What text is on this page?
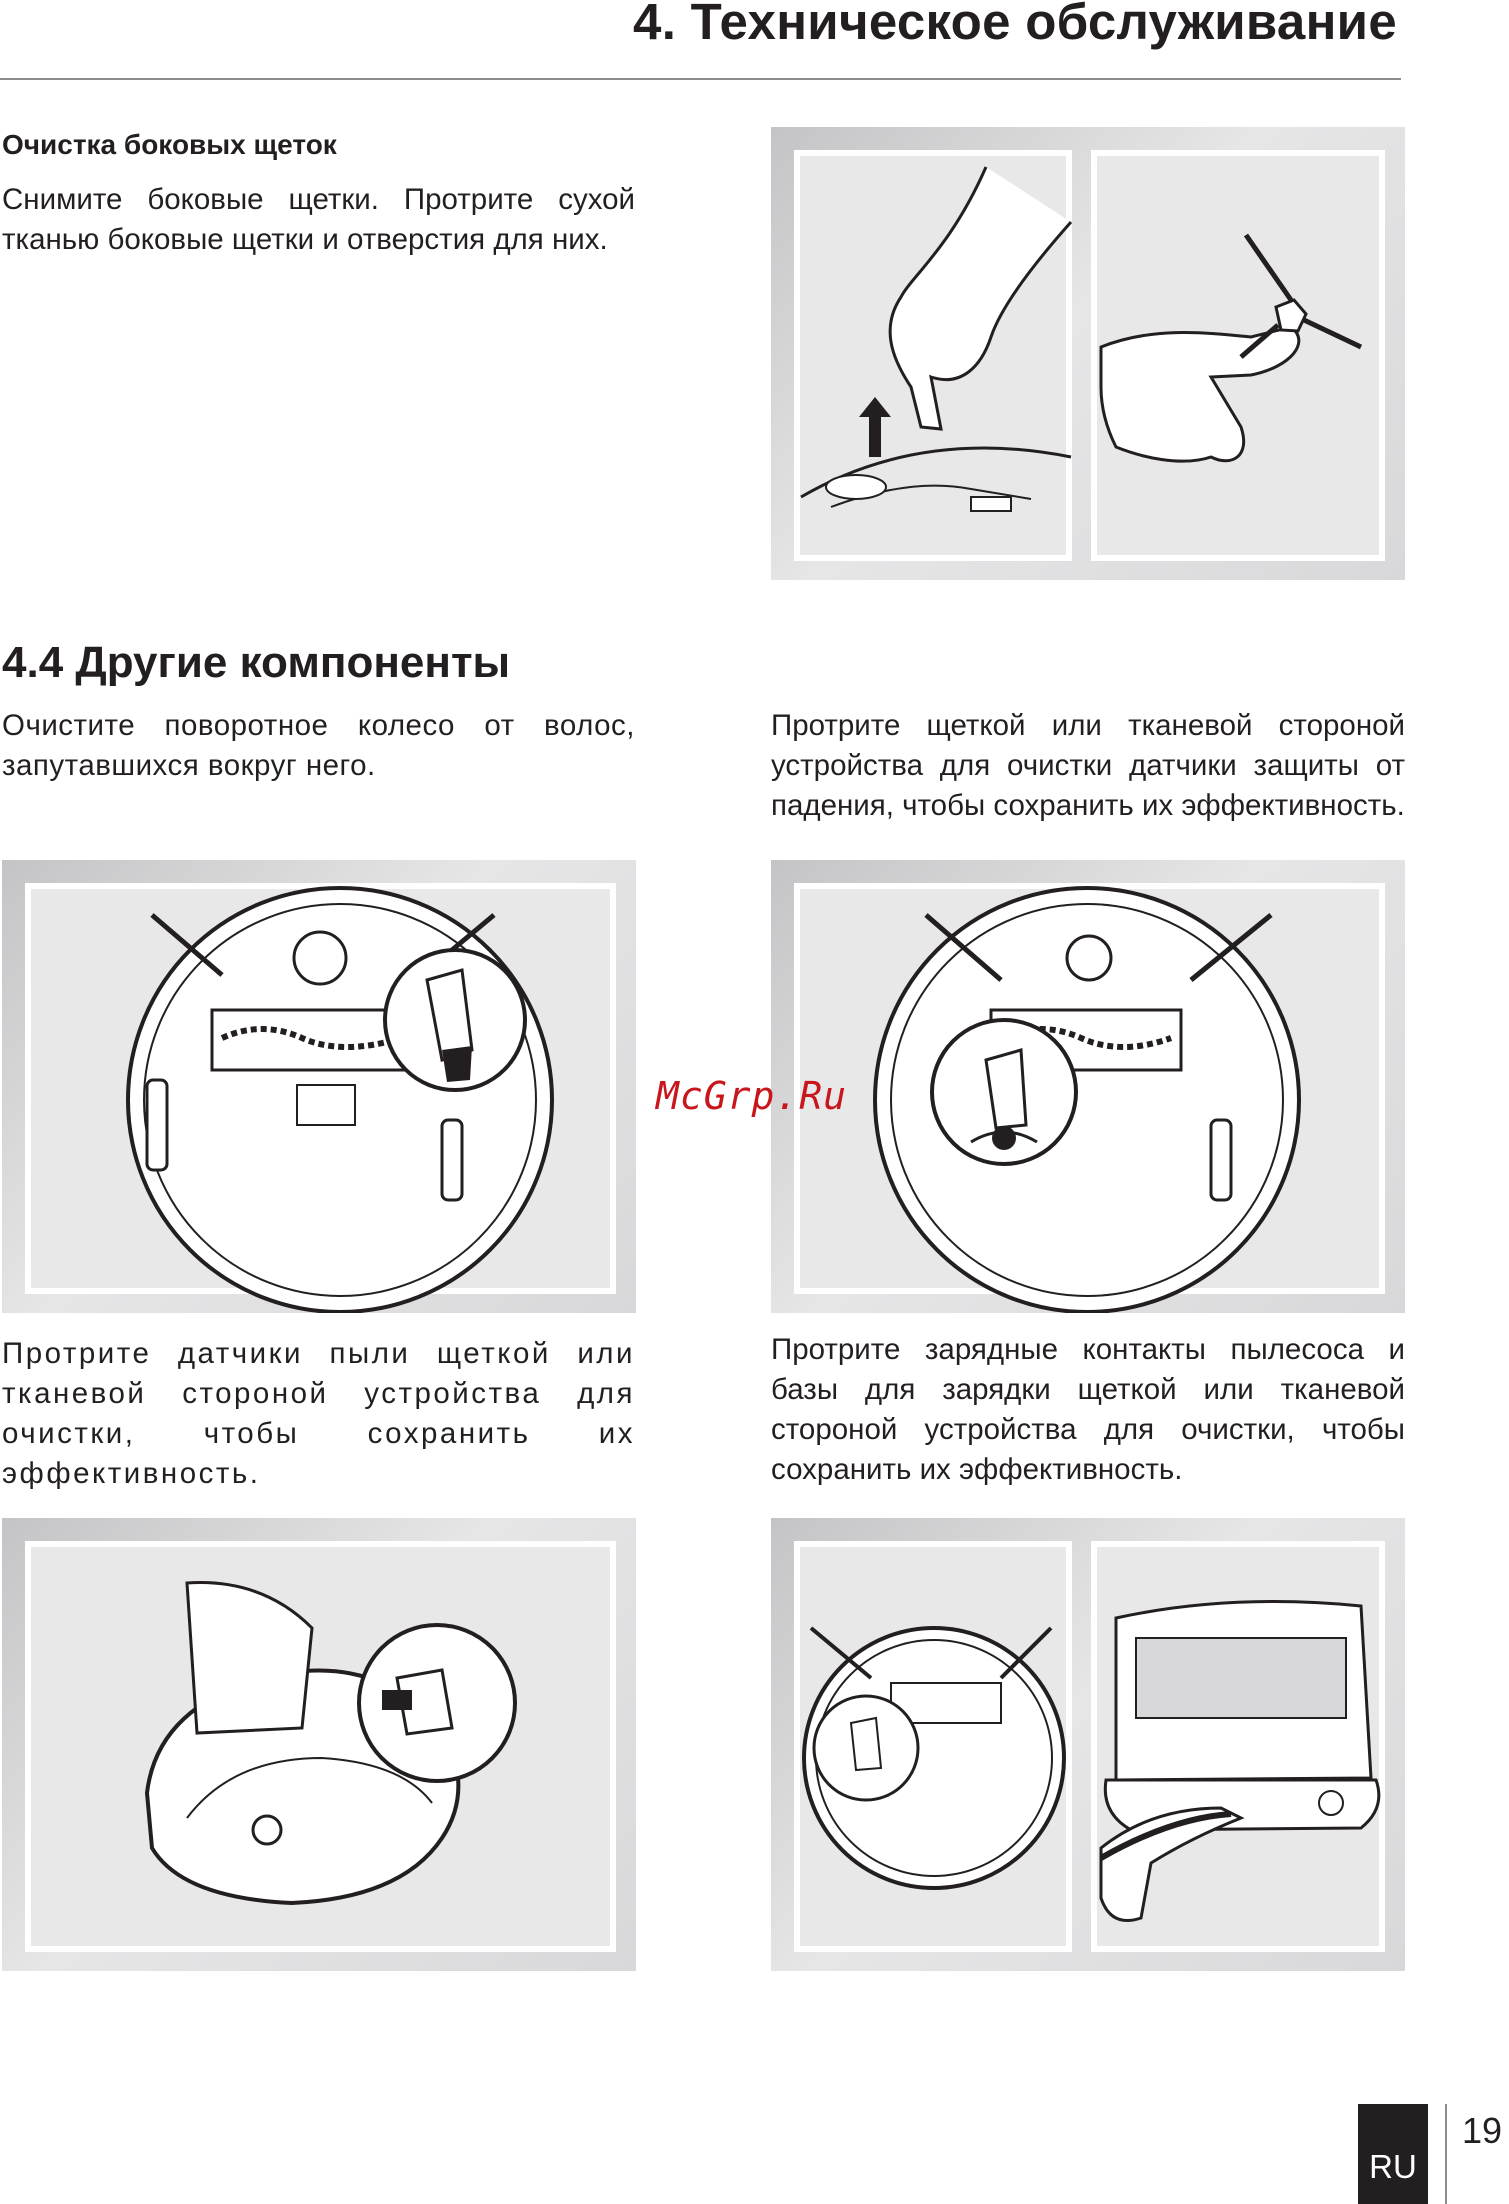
4. Техническое обслуживание
Очистка боковых щеток

Снимите боковые щетки. Протрите сухой тканью боковые щетки и отверстия для них.

4.4 Другие компоненты

Очистите поворотное колесо от волос, запутавшихся вокруг него.

Протрите щеткой или тканевой стороной устройства для очистки датчики защиты от падения, чтобы сохранить их эффективность.

McGrp.Ru

Протрите датчики пыли щеткой или тканевой стороной устройства для очистки, чтобы сохранить их эффективность.

Протрите зарядные контакты пылесоса и базы для зарядки щеткой или тканевой стороной устройства для очистки, чтобы сохранить их эффективность.

RU
19
